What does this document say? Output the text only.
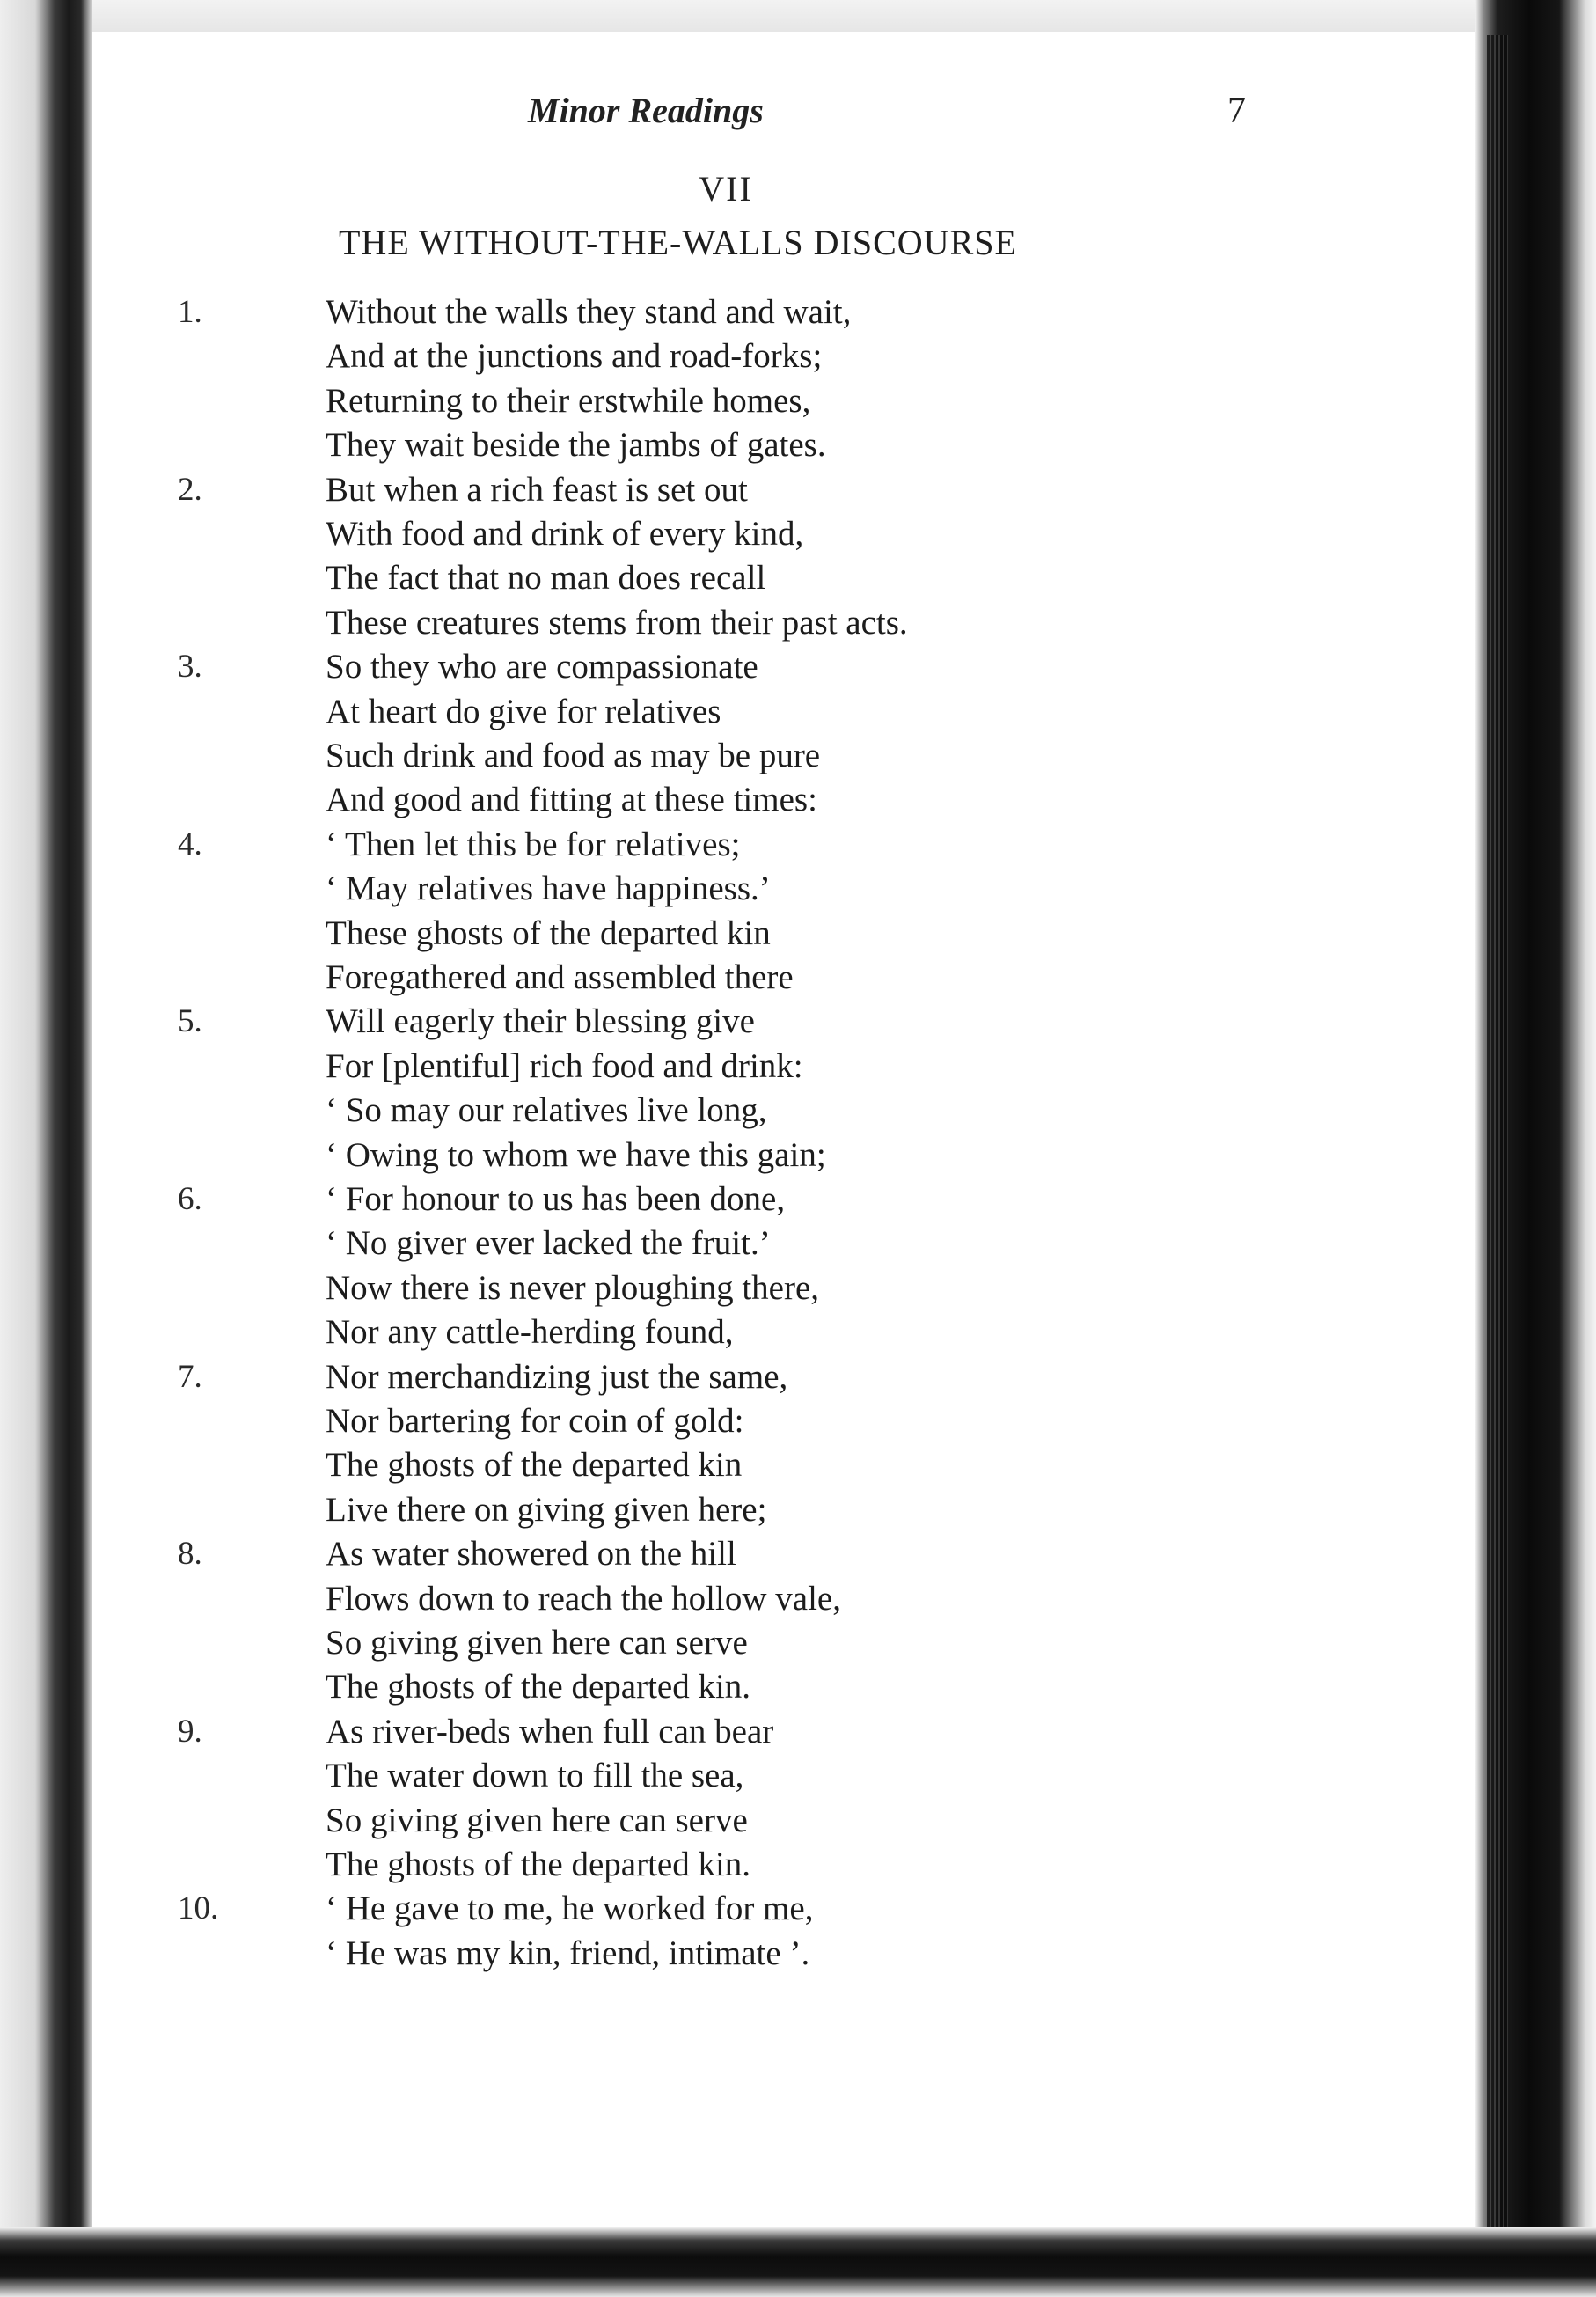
Minor Readings	7
VII
THE WITHOUT-THE-WALLS DISCOURSE
1.	Without the walls they stand and wait,
And at the junctions and road-forks;
Returning to their erstwhile homes,
They wait beside the jambs of gates.
2.	But when a rich feast is set out
With food and drink of every kind,
The fact that no man does recall
These creatures stems from their past acts.
3.	So they who are compassionate
At heart do give for relatives
Such drink and food as may be pure
And good and fitting at these times:
4.	‘ Then let this be for relatives;
‘ May relatives have happiness.’
These ghosts of the departed kin
Foregathered and assembled there
5.	Will eagerly their blessing give
For [plentiful] rich food and drink:
‘ So may our relatives live long,
‘ Owing to whom we have this gain;
6.	‘ For honour to us has been done,
‘ No giver ever lacked the fruit.’
Now there is never ploughing there,
Nor any cattle-herding found,
7.	Nor merchandizing just the same,
Nor bartering for coin of gold:
The ghosts of the departed kin
Live there on giving given here;
8.	As water showered on the hill
Flows down to reach the hollow vale,
So giving given here can serve
The ghosts of the departed kin.
9.	As river-beds when full can bear
The water down to fill the sea,
So giving given here can serve
The ghosts of the departed kin.
10.	‘ He gave to me, he worked for me,
‘ He was my kin, friend, intimate ’.
